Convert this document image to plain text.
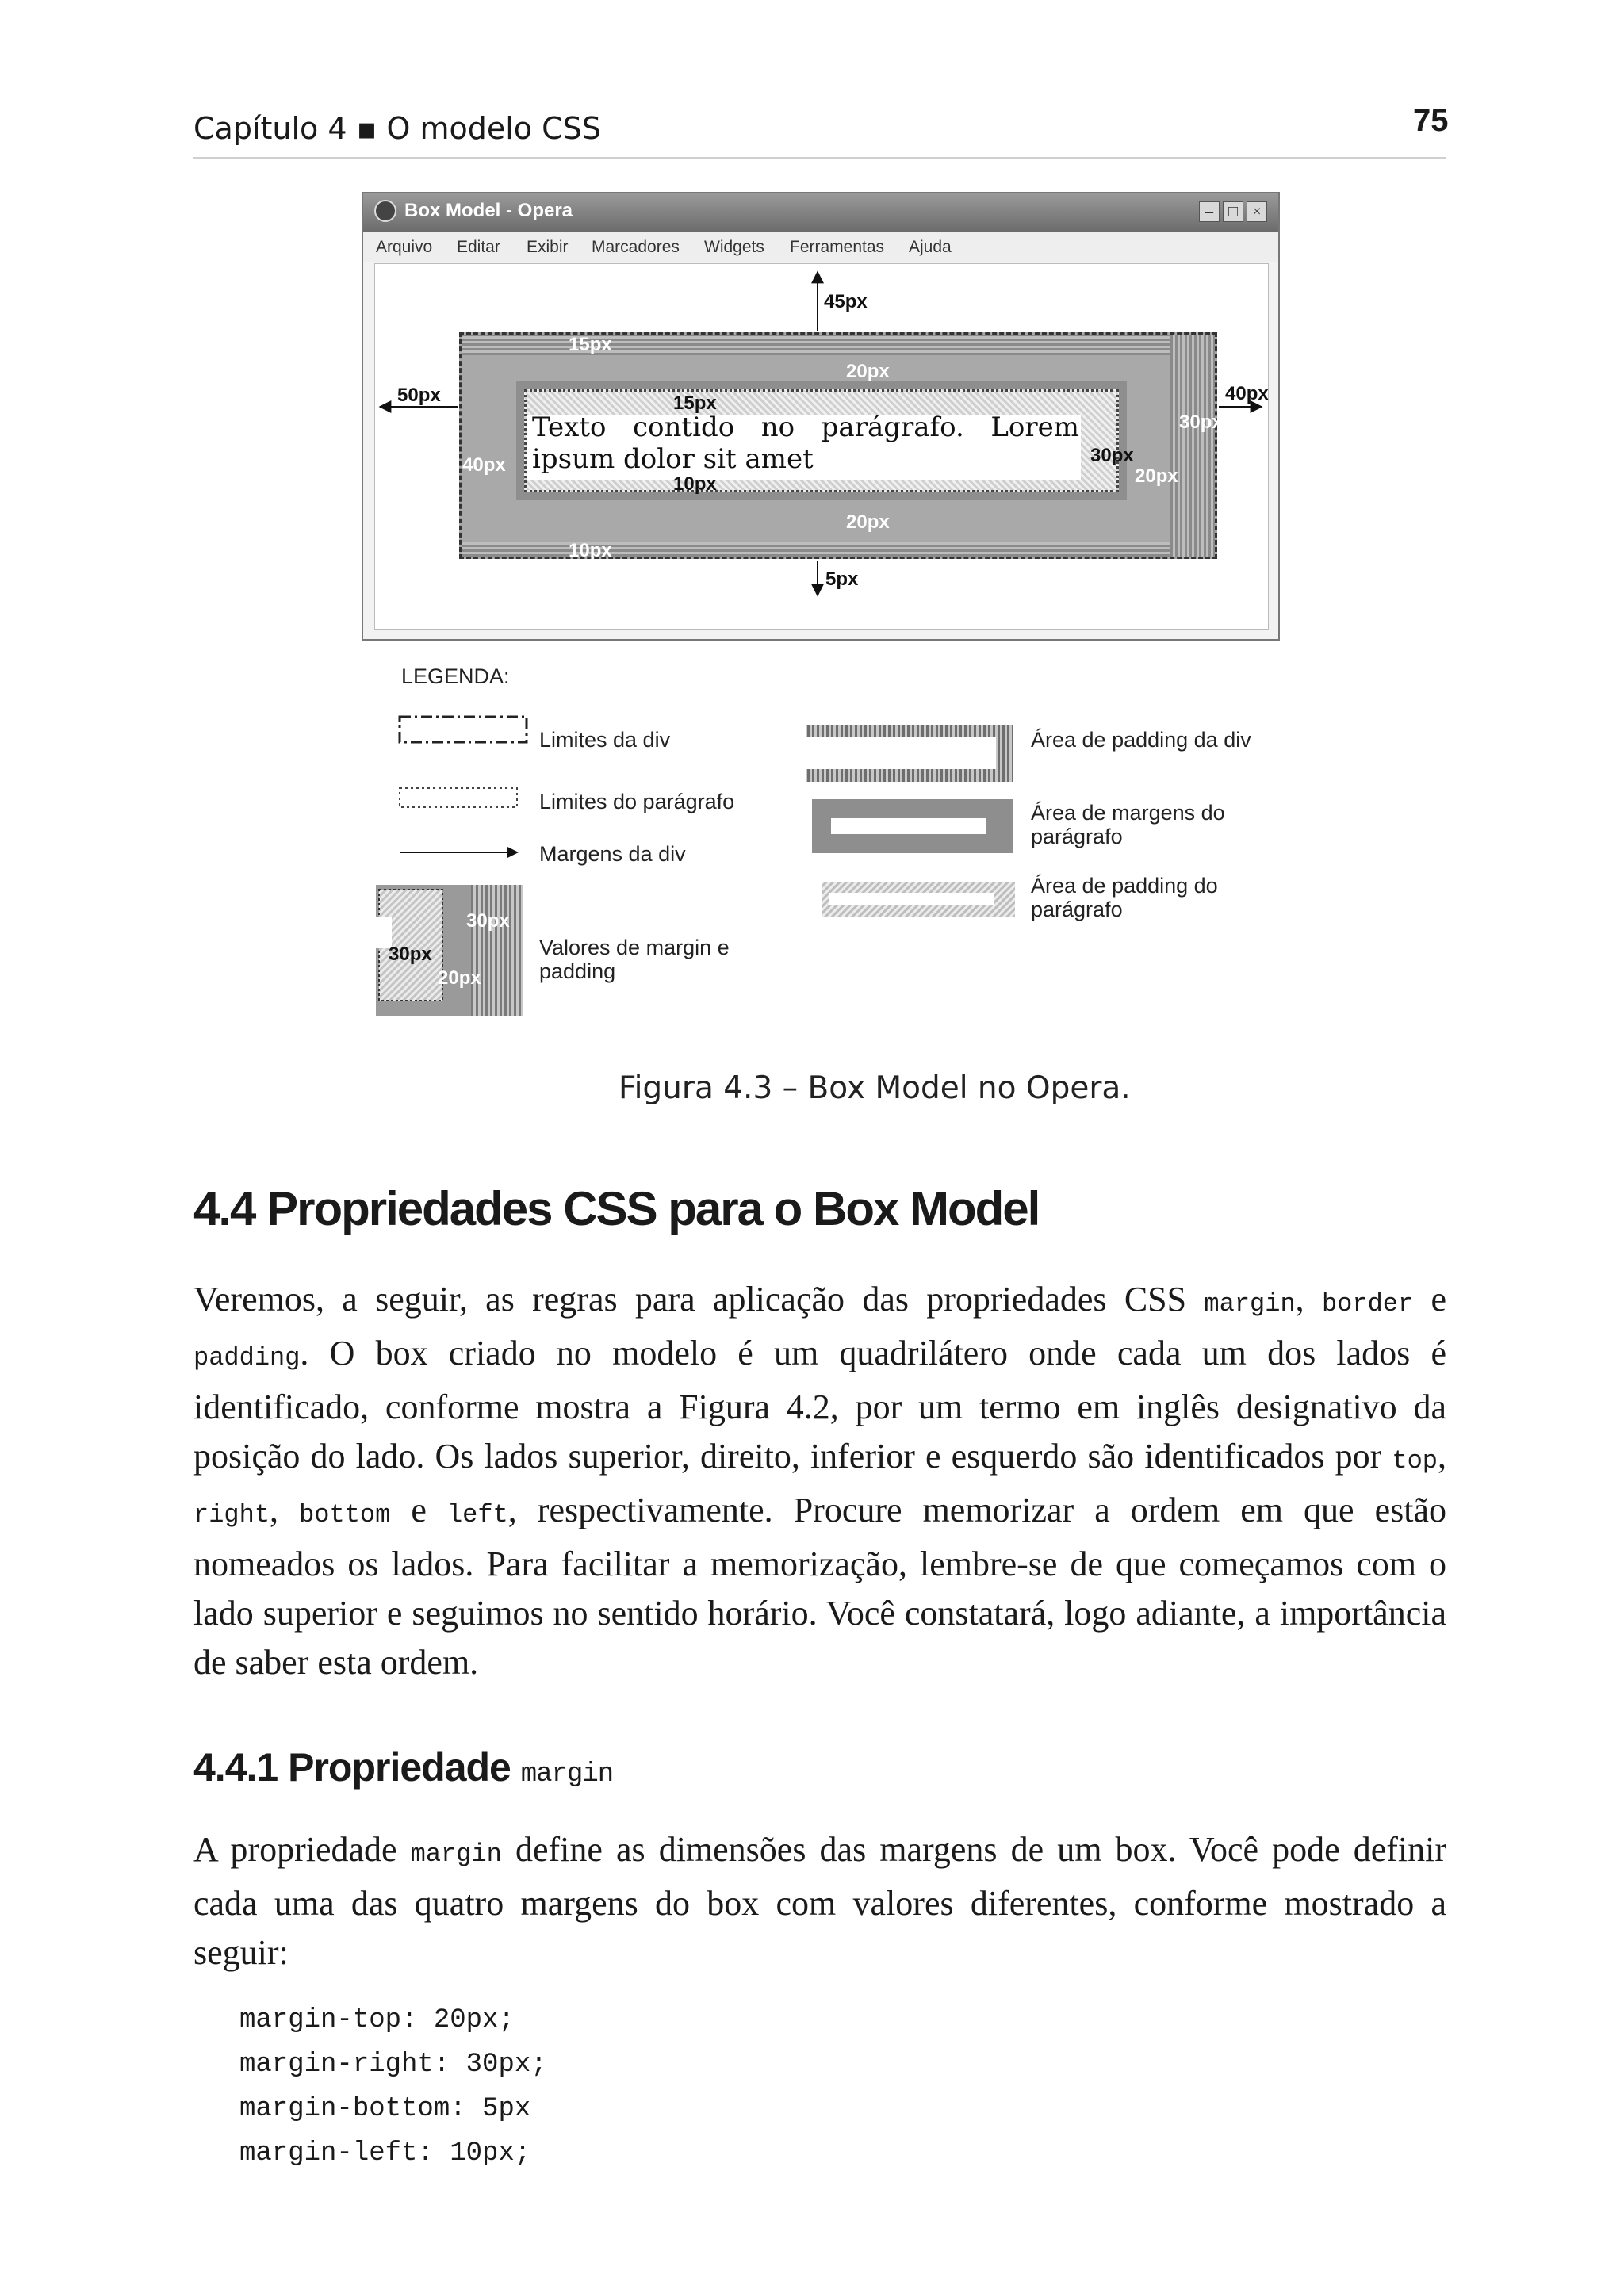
Capítulo 4 ▪ O modelo CSS	75
Box Model - Opera	– □ ×
Arquivo Editar Exibir Marcadores Widgets Ferramentas Ajuda
Texto contido no parágrafo. Lorem ipsum dolor sit amet
45px
50px	40px
5px
15px
10px
30px
20px
20px
40px
20px
15px
10px
30px
LEGENDA:
Limites da div
Limites do parágrafo
Margens da div
30px
30px
20px
Valores de margin e padding
Área de padding da div
Área de margens do parágrafo
Área de padding do parágrafo
Figura 4.3 – Box Model no Opera.
4.4 Propriedades CSS para o Box Model
Veremos, a seguir, as regras para aplicação das propriedades CSS margin, border e padding. O box criado no modelo é um quadrilátero onde cada um dos lados é identificado, conforme mostra a Figura 4.2, por um termo em inglês designativo da posição do lado. Os lados superior, direito, inferior e esquerdo são identificados por top, right, bottom e left, respectivamente. Procure memorizar a ordem em que estão nomeados os lados. Para facilitar a memorização, lembre-se de que começamos com o lado superior e seguimos no sentido horário. Você constatará, logo adiante, a importância de saber esta ordem.
4.4.1 Propriedade margin
A propriedade margin define as dimensões das margens de um box. Você pode definir cada uma das quatro margens do box com valores diferentes, conforme mostrado a seguir:
margin-top: 20px;
margin-right: 30px;
margin-bottom: 5px
margin-left: 10px;
